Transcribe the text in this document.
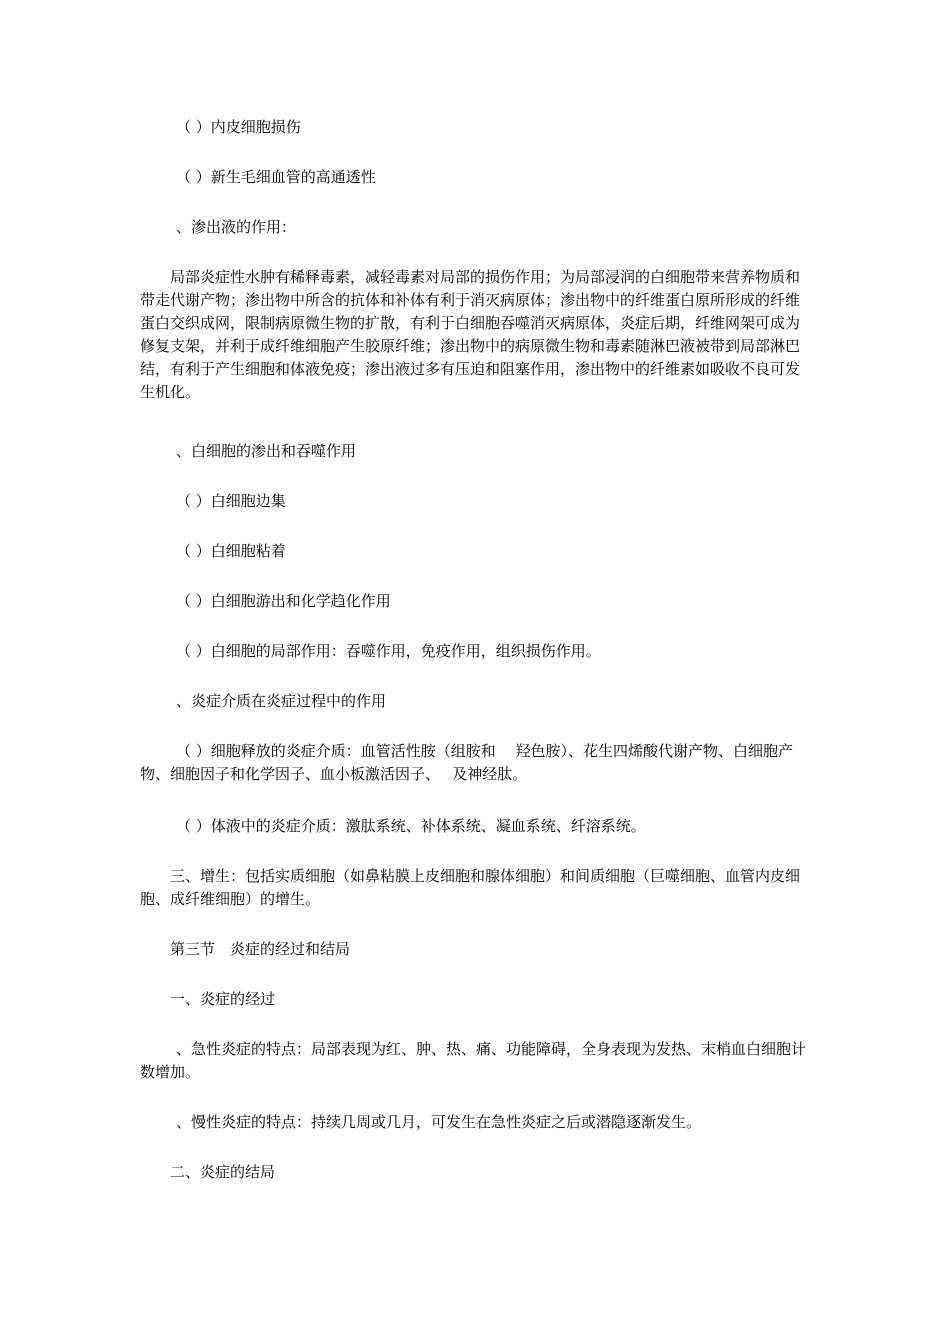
（ ）内皮细胞损伤

（ ）新生毛细血管的高通透性

、渗出液的作用：

局部炎症性水肿有稀释毒素，减轻毒素对局部的损伤作用；为局部浸润的白细胞带来营养物质和带走代谢产物；渗出物中所含的抗体和补体有利于消灭病原体；渗出物中的纤维蛋白原所形成的纤维蛋白交织成网，限制病原微生物的扩散，有利于白细胞吞噬消灭病原体，炎症后期，纤维网架可成为修复支架，并利于成纤维细胞产生胶原纤维；渗出物中的病原微生物和毒素随淋巴液被带到局部淋巴结，有利于产生细胞和体液免疫；渗出液过多有压迫和阻塞作用，渗出物中的纤维素如吸收不良可发生机化。

、白细胞的渗出和吞噬作用

（ ）白细胞边集

（ ）白细胞粘着

（ ）白细胞游出和化学趋化作用

（ ）白细胞的局部作用：吞噬作用，免疫作用，组织损伤作用。

、炎症介质在炎症过程中的作用

（ ）细胞释放的炎症介质：血管活性胺（组胺和　 羟色胺）、花生四烯酸代谢产物、白细胞产物、细胞因子和化学因子、血小板激活因子、　 及神经肽。

（ ）体液中的炎症介质：激肽系统、补体系统、凝血系统、纤溶系统。

三、增生：包括实质细胞（如鼻粘膜上皮细胞和腺体细胞）和间质细胞（巨噬细胞、血管内皮细胞、成纤维细胞）的增生。

第三节　炎症的经过和结局

一、炎症的经过

、急性炎症的特点：局部表现为红、肿、热、痛、功能障碍，全身表现为发热、末梢血白细胞计数增加。

、慢性炎症的特点：持续几周或几月，可发生在急性炎症之后或潜隐逐渐发生。

二、炎症的结局
